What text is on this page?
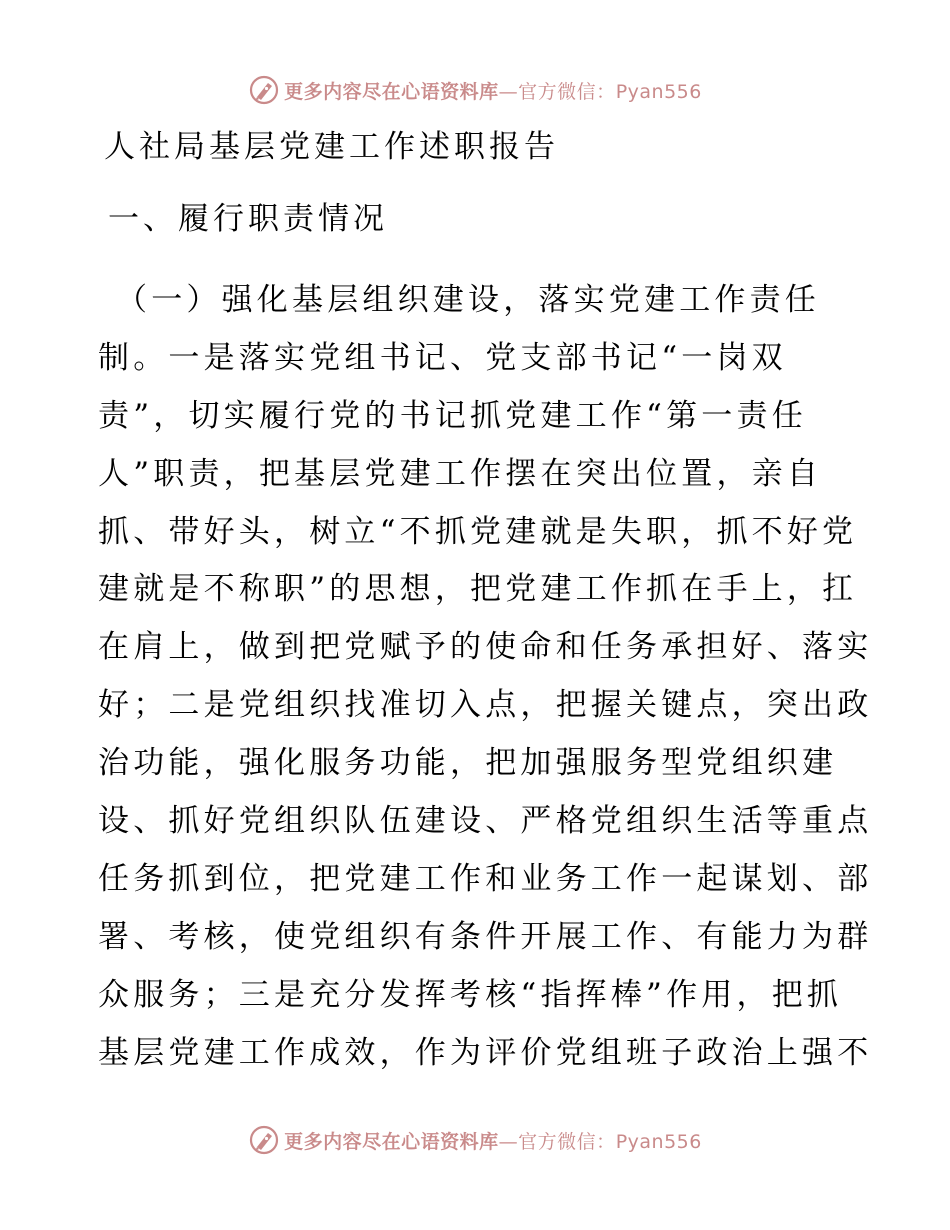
更多内容尽在心语资料库—官方微信：Pyan556
人社局基层党建工作述职报告
一、履行职责情况
（一）强化基层组织建设，落实党建工作责任
制。一是落实党组书记、党支部书记“一岗双
责”，切实履行党的书记抓党建工作“第一责任
人”职责，把基层党建工作摆在突出位置，亲自
抓、带好头，树立“不抓党建就是失职，抓不好党
建就是不称职”的思想，把党建工作抓在手上，扛
在肩上，做到把党赋予的使命和任务承担好、落实
好；二是党组织找准切入点，把握关键点，突出政
治功能，强化服务功能，把加强服务型党组织建
设、抓好党组织队伍建设、严格党组织生活等重点
任务抓到位，把党建工作和业务工作一起谋划、部
署、考核，使党组织有条件开展工作、有能力为群
众服务；三是充分发挥考核“指挥棒”作用，把抓
基层党建工作成效，作为评价党组班子政治上强不
更多内容尽在心语资料库—官方微信：Pyan556
